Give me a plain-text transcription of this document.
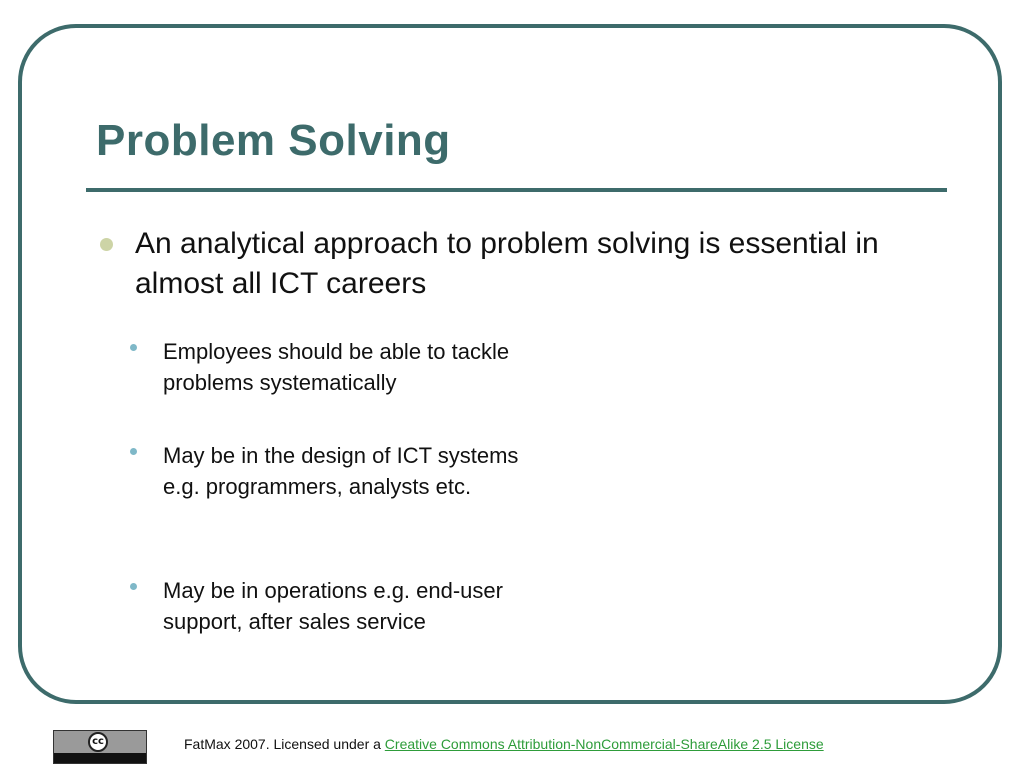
Problem Solving
An analytical approach to problem solving is essential in almost all ICT careers
Employees should be able to tackle problems systematically
May be in the design of ICT systems e.g. programmers, analysts etc.
May be in operations e.g. end-user support, after sales service
cc	FatMax 2007. Licensed under a Creative Commons Attribution-NonCommercial-ShareAlike 2.5 License
